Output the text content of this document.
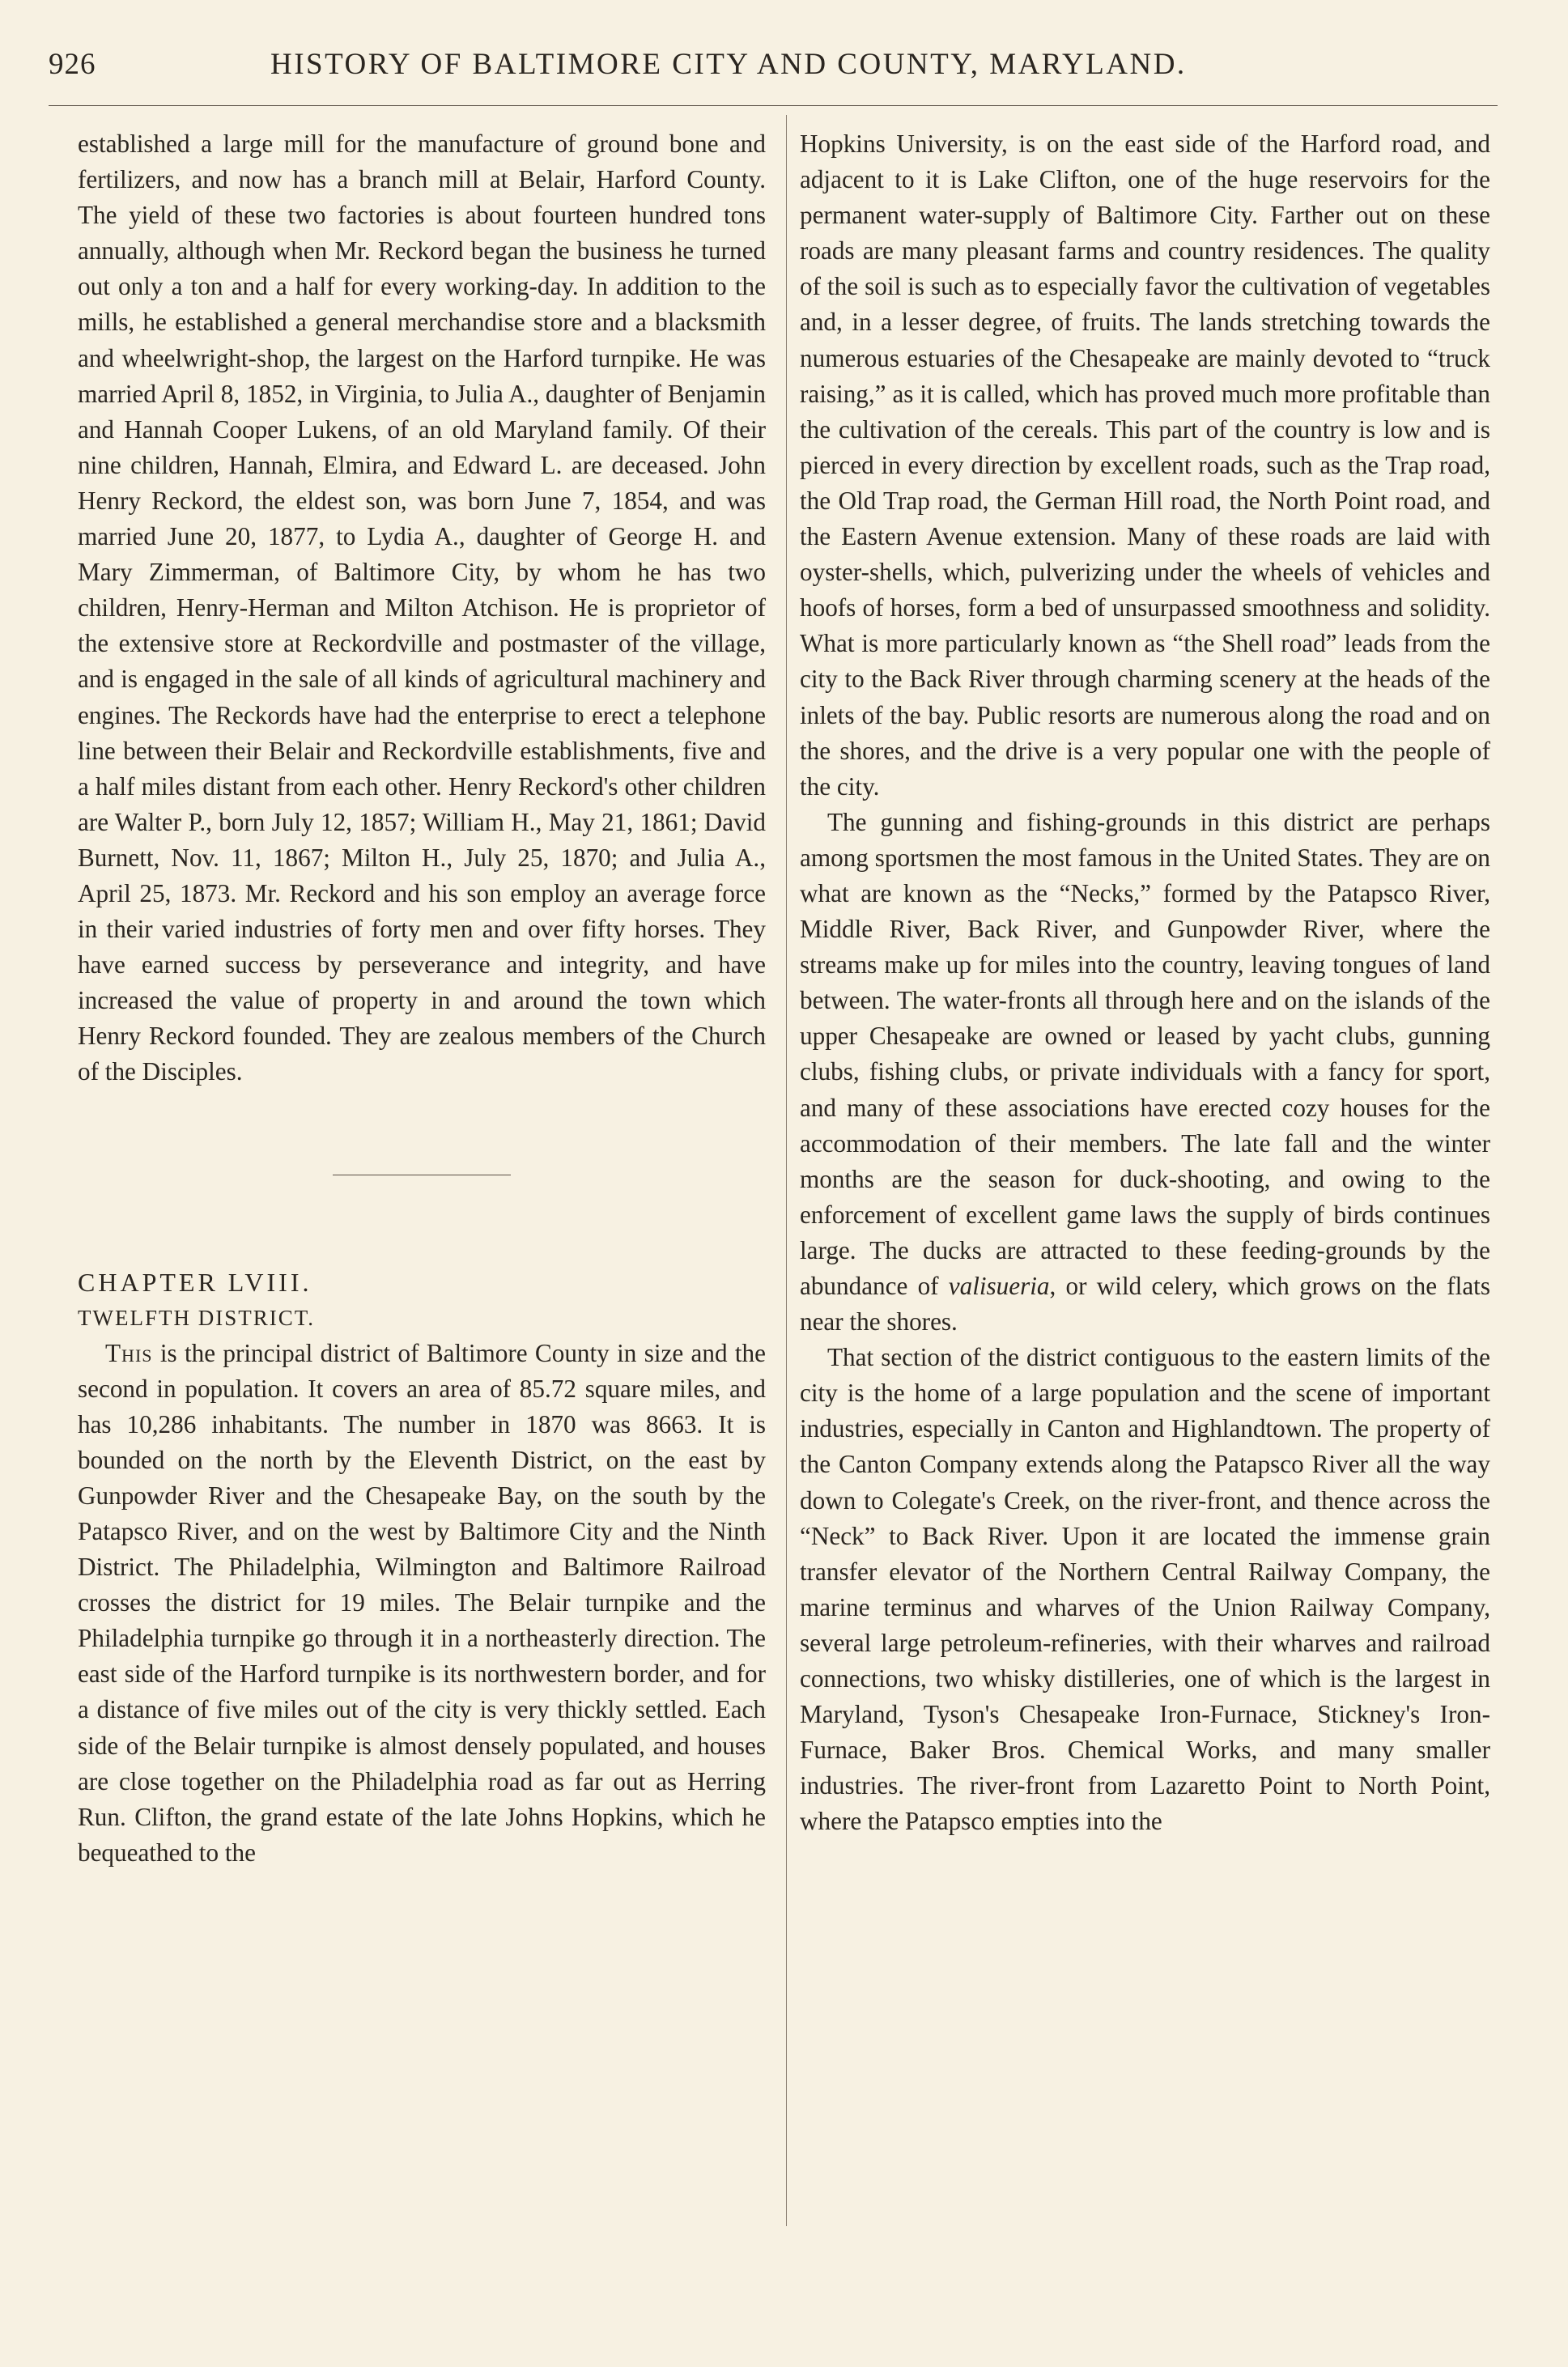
926	HISTORY OF BALTIMORE CITY AND COUNTY, MARYLAND.

established a large mill for the manufacture of ground bone and fertilizers, and now has a branch mill at Belair, Harford County. The yield of these two factories is about fourteen hundred tons annually, although when Mr. Reckord began the business he turned out only a ton and a half for every working-day. In addition to the mills, he established a general merchandise store and a blacksmith and wheelwright-shop, the largest on the Harford turnpike. He was married April 8, 1852, in Virginia, to Julia A., daughter of Benjamin and Hannah Cooper Lukens, of an old Maryland family. Of their nine children, Hannah, Elmira, and Edward L. are deceased. John Henry Reckord, the eldest son, was born June 7, 1854, and was married June 20, 1877, to Lydia A., daughter of George H. and Mary Zimmerman, of Baltimore City, by whom he has two children, Henry-Herman and Milton Atchison. He is proprietor of the extensive store at Reckordville and postmaster of the village, and is engaged in the sale of all kinds of agricultural machinery and engines. The Reckords have had the enterprise to erect a telephone line between their Belair and Reckordville establishments, five and a half miles distant from each other. Henry Reckord's other children are Walter P., born July 12, 1857; William H., May 21, 1861; David Burnett, Nov. 11, 1867; Milton H., July 25, 1870; and Julia A., April 25, 1873. Mr. Reckord and his son employ an average force in their varied industries of forty men and over fifty horses. They have earned success by perseverance and integrity, and have increased the value of property in and around the town which Henry Reckord founded. They are zealous members of the Church of the Disciples.

CHAPTER LVIII.

TWELFTH DISTRICT.

This is the principal district of Baltimore County in size and the second in population. It covers an area of 85.72 square miles, and has 10,286 inhabitants. The number in 1870 was 8663. It is bounded on the north by the Eleventh District, on the east by Gunpowder River and the Chesapeake Bay, on the south by the Patapsco River, and on the west by Baltimore City and the Ninth District. The Philadelphia, Wilmington and Baltimore Railroad crosses the district for 19 miles. The Belair turnpike and the Philadelphia turnpike go through it in a northeasterly direction. The east side of the Harford turnpike is its northwestern border, and for a distance of five miles out of the city is very thickly settled. Each side of the Belair turnpike is almost densely populated, and houses are close together on the Philadelphia road as far out as Herring Run. Clifton, the grand estate of the late Johns Hopkins, which he bequeathed to the

Hopkins University, is on the east side of the Harford road, and adjacent to it is Lake Clifton, one of the huge reservoirs for the permanent water-supply of Baltimore City. Farther out on these roads are many pleasant farms and country residences. The quality of the soil is such as to especially favor the cultivation of vegetables and, in a lesser degree, of fruits. The lands stretching towards the numerous estuaries of the Chesapeake are mainly devoted to “truck raising,” as it is called, which has proved much more profitable than the cultivation of the cereals. This part of the country is low and is pierced in every direction by excellent roads, such as the Trap road, the Old Trap road, the German Hill road, the North Point road, and the Eastern Avenue extension. Many of these roads are laid with oyster-shells, which, pulverizing under the wheels of vehicles and hoofs of horses, form a bed of unsurpassed smoothness and solidity. What is more particularly known as “the Shell road” leads from the city to the Back River through charming scenery at the heads of the inlets of the bay. Public resorts are numerous along the road and on the shores, and the drive is a very popular one with the people of the city.

The gunning and fishing-grounds in this district are perhaps among sportsmen the most famous in the United States. They are on what are known as the “Necks,” formed by the Patapsco River, Middle River, Back River, and Gunpowder River, where the streams make up for miles into the country, leaving tongues of land between. The water-fronts all through here and on the islands of the upper Chesapeake are owned or leased by yacht clubs, gunning clubs, fishing clubs, or private individuals with a fancy for sport, and many of these associations have erected cozy houses for the accommodation of their members. The late fall and the winter months are the season for duck-shooting, and owing to the enforcement of excellent game laws the supply of birds continues large. The ducks are attracted to these feeding-grounds by the abundance of valisueria, or wild celery, which grows on the flats near the shores.

That section of the district contiguous to the eastern limits of the city is the home of a large population and the scene of important industries, especially in Canton and Highlandtown. The property of the Canton Company extends along the Patapsco River all the way down to Colegate's Creek, on the river-front, and thence across the “Neck” to Back River. Upon it are located the immense grain transfer elevator of the Northern Central Railway Company, the marine terminus and wharves of the Union Railway Company, several large petroleum-refineries, with their wharves and railroad connections, two whisky distilleries, one of which is the largest in Maryland, Tyson's Chesapeake Iron-Furnace, Stickney's Iron-Furnace, Baker Bros. Chemical Works, and many smaller industries. The river-front from Lazaretto Point to North Point, where the Patapsco empties into the
